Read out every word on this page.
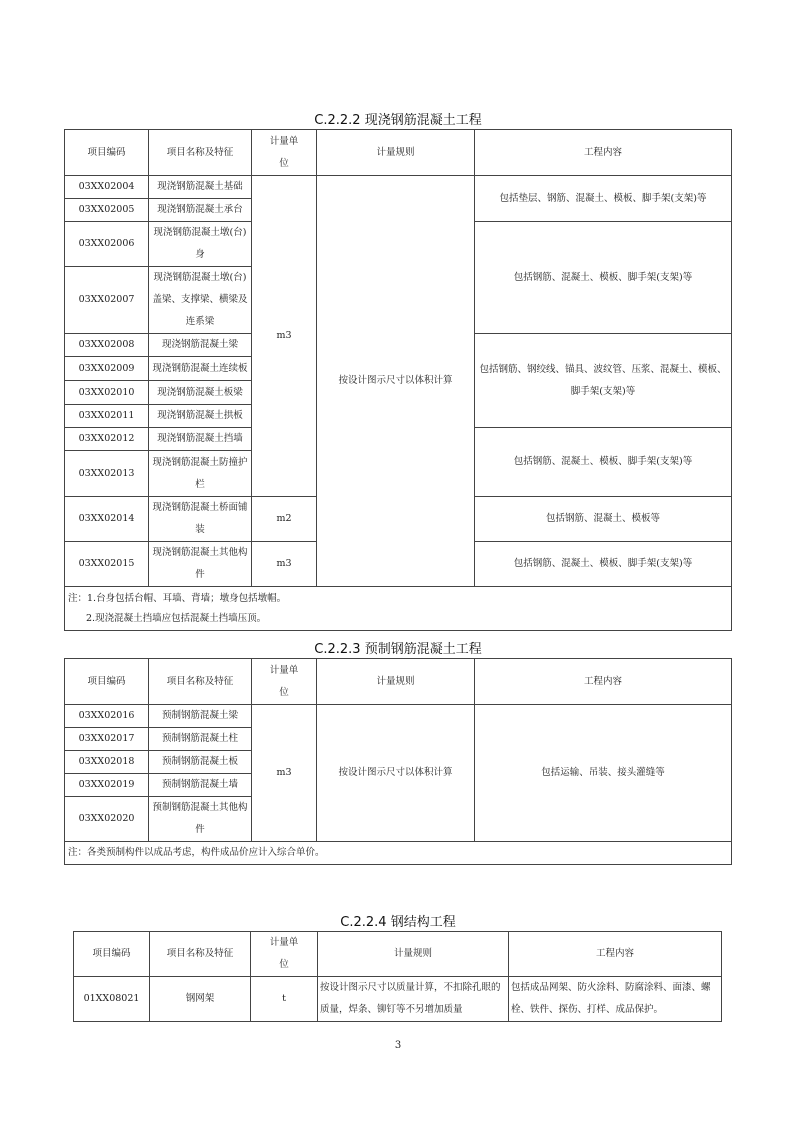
C.2.2.2 现浇钢筋混凝土工程
项目编码	项目名称及特征	计量单位	计量规则	工程内容
03XX02004	现浇钢筋混凝土基础	m3	按设计图示尺寸以体积计算	包括垫层、钢筋、混凝土、模板、脚手架(支架)等
03XX02005	现浇钢筋混凝土承台			
03XX02006	现浇钢筋混凝土墩(台)身			包括钢筋、混凝土、模板、脚手架(支架)等
03XX02007	现浇钢筋混凝土墩(台)盖梁、支撑梁、横梁及连系梁			
03XX02008	现浇钢筋混凝土梁			包括钢筋、钢绞线、锚具、波纹管、压浆、混凝土、模板、脚手架(支架)等
03XX02009	现浇钢筋混凝土连续板			
03XX02010	现浇钢筋混凝土板梁			
03XX02011	现浇钢筋混凝土拱板			
03XX02012	现浇钢筋混凝土挡墙			包括钢筋、混凝土、模板、脚手架(支架)等
03XX02013	现浇钢筋混凝土防撞护栏			
03XX02014	现浇钢筋混凝土桥面铺装	m2		包括钢筋、混凝土、模板等
03XX02015	现浇钢筋混凝土其他构件	m3		包括钢筋、混凝土、模板、脚手架(支架)等

注：1.台身包括台帽、耳墙、背墙；墩身包括墩帽。
2.现浇混凝土挡墙应包括混凝土挡墙压顶。				
C.2.2.3 预制钢筋混凝土工程
项目编码	项目名称及特征	计量单位	计量规则	工程内容
03XX02016	预制钢筋混凝土梁	m3	按设计图示尺寸以体积计算	包括运输、吊装、接头灌缝等
03XX02017	预制钢筋混凝土柱			
03XX02018	预制钢筋混凝土板			
03XX02019	预制钢筋混凝土墙			
03XX02020	预制钢筋混凝土其他构件			
注：各类预制构件以成品考虑，构件成品价应计入综合单价。				
C.2.2.4 钢结构工程
项目编码	项目名称及特征	计量单位	计量规则	工程内容
01XX08021	钢网架	t	按设计图示尺寸以质量计算，不扣除孔眼的质量，焊条、铆钉等不另增加质量	包括成品网架、防火涂料、防腐涂料、面漆、螺栓、铁件、探伤、打样、成品保护。
3
